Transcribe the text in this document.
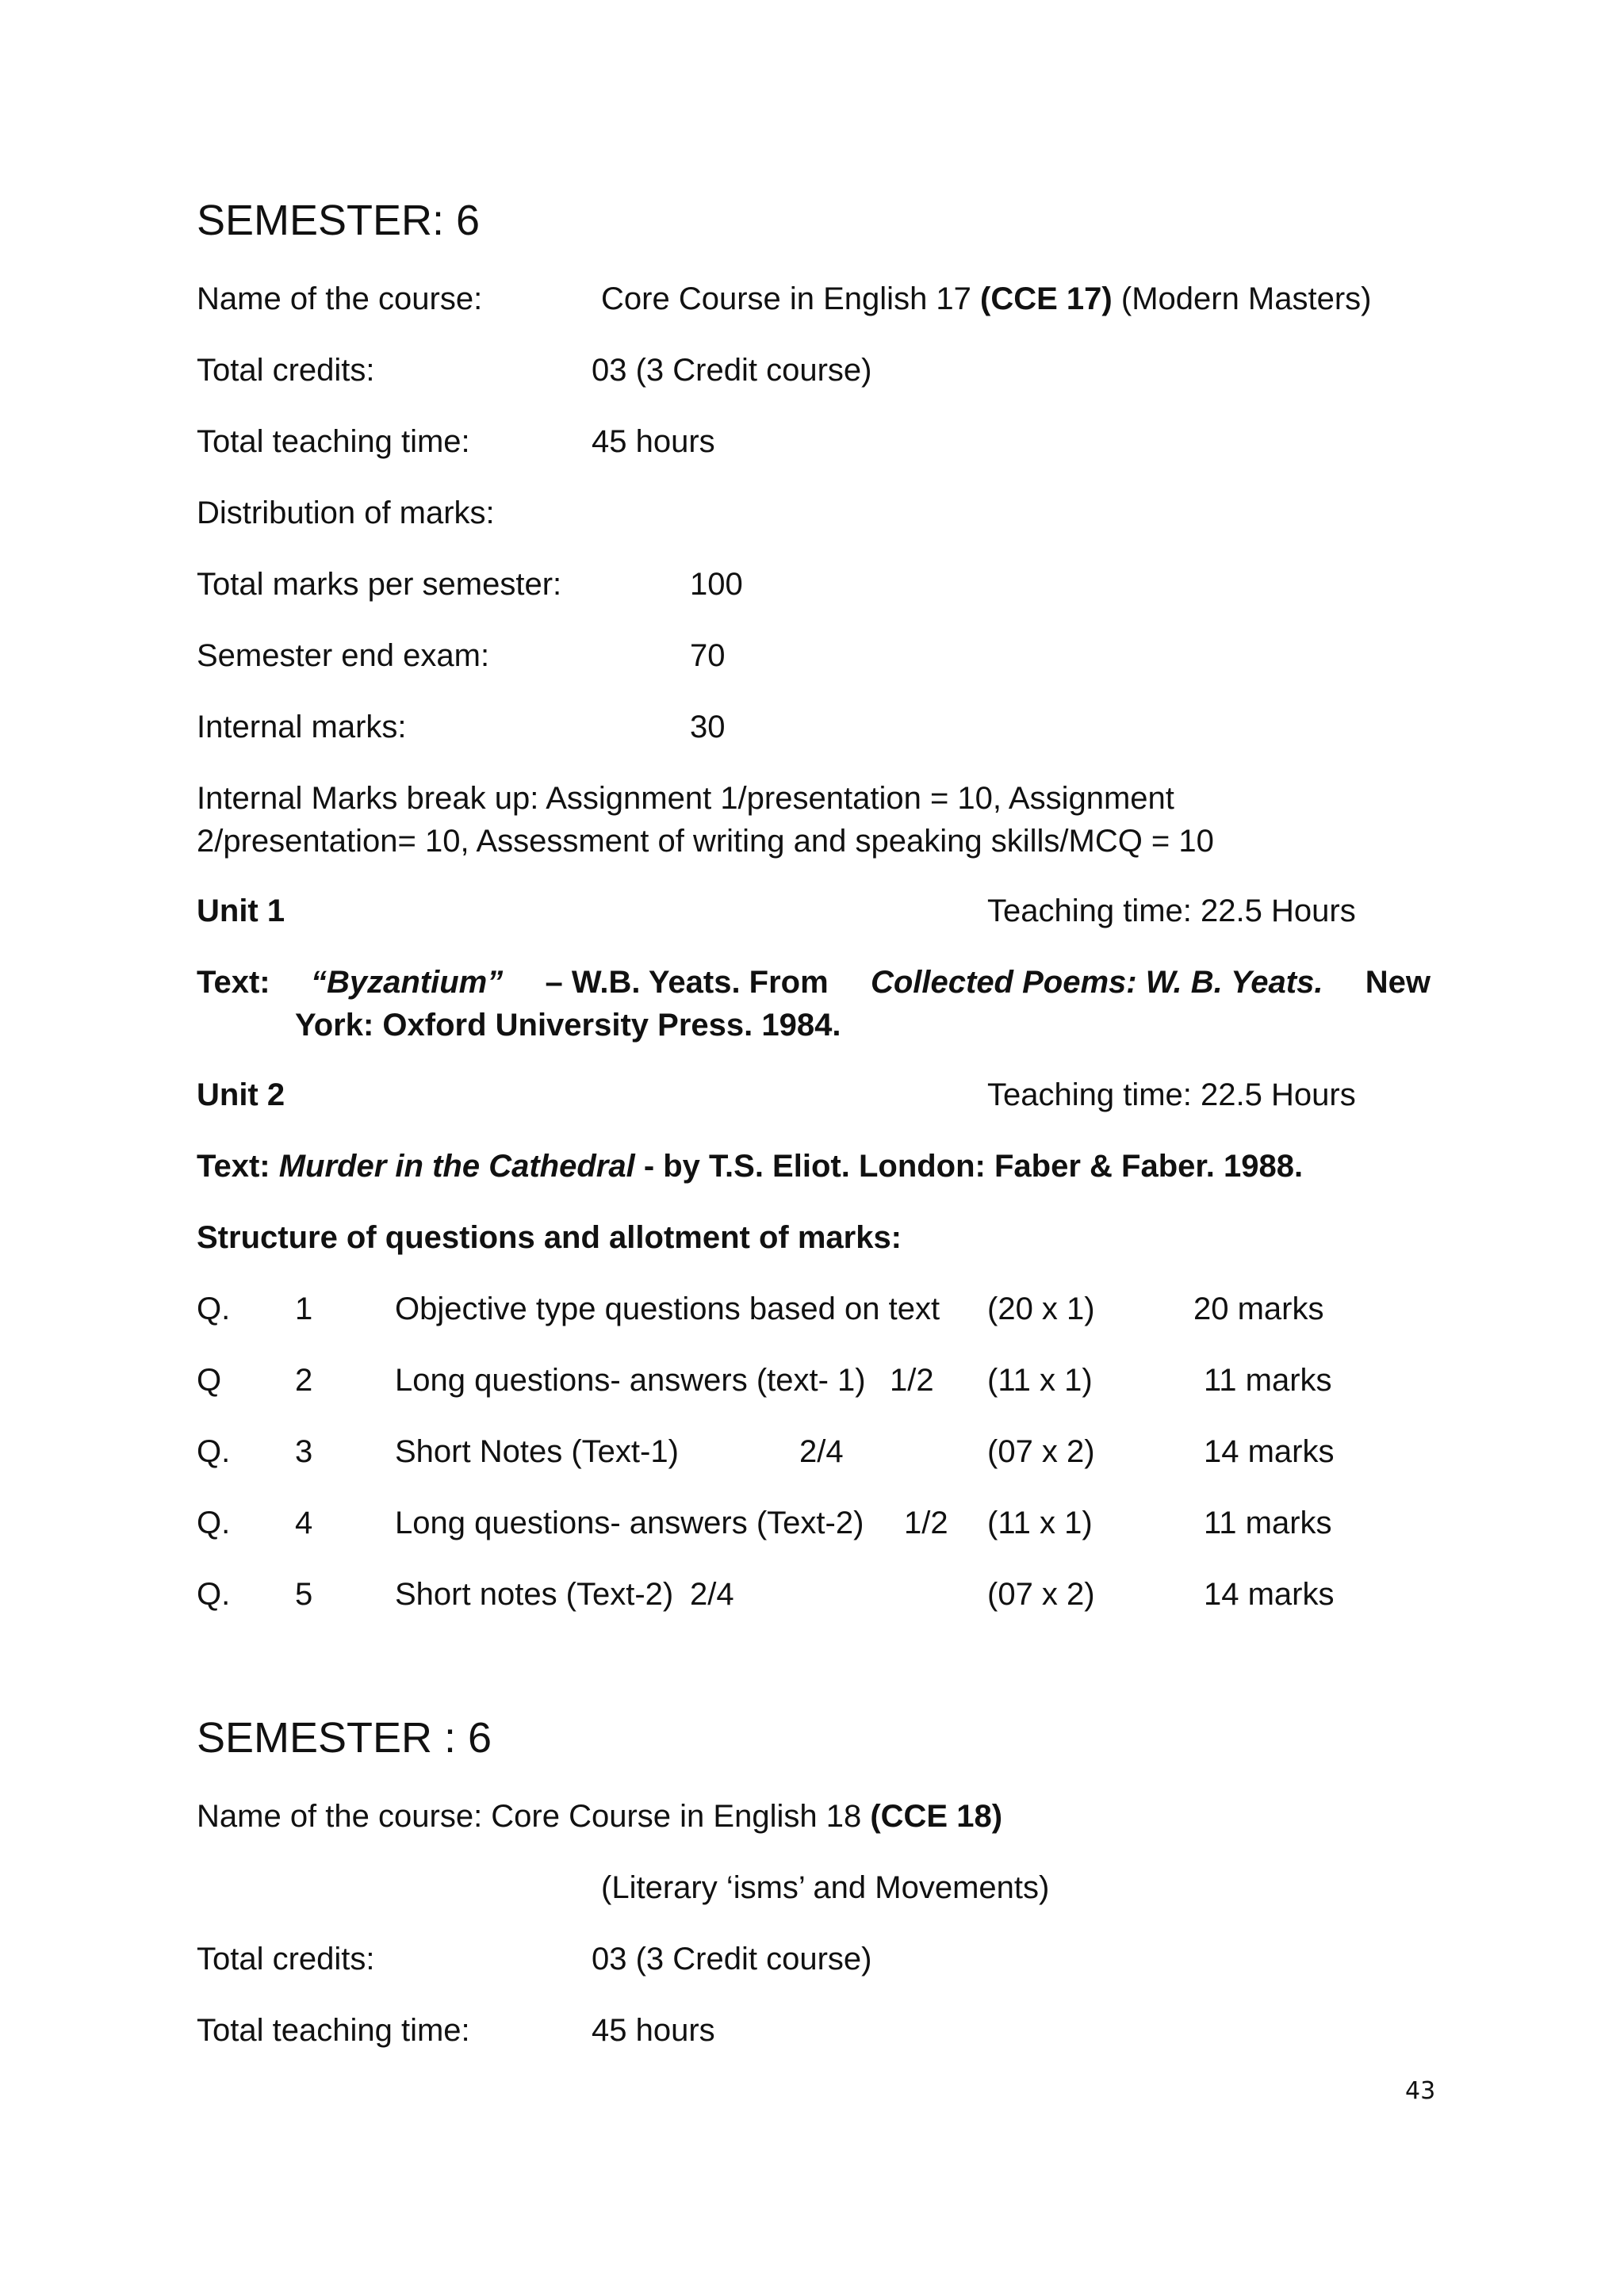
SEMESTER: 6
Name of the course:	Core Course in English 17 (CCE 17) (Modern Masters)
Total credits:	03 (3 Credit course)
Total teaching time:	45 hours
Distribution of marks:
Total marks per semester:	100
Semester end exam:	70
Internal marks:	30
Internal Marks break up: Assignment 1/presentation = 10, Assignment
2/presentation= 10, Assessment of writing and speaking skills/MCQ = 10
Unit 1	Teaching time: 22.5 Hours
Text: “Byzantium” – W.B. Yeats. From Collected Poems: W. B. Yeats. New
York: Oxford University Press. 1984.
Unit 2	Teaching time: 22.5 Hours
Text: Murder in the Cathedral - by T.S. Eliot. London: Faber & Faber. 1988.
Structure of questions and allotment of marks:
Q. 1	Objective type questions based on text (20 x 1)	20 marks
Q 2	Long questions- answers (text- 1) 1/2 (11 x 1)	11 marks
Q. 3	Short Notes (Text-1)	2/4	(07 x 2)	14 marks
Q. 4	Long questions- answers (Text-2) 1/2 (11 x 1)	11 marks
Q. 5	Short notes (Text-2) 2/4	(07 x 2)	14 marks
SEMESTER : 6
Name of the course: Core Course in English 18 (CCE 18)
(Literary ‘isms’ and Movements)
Total credits:	03 (3 Credit course)
Total teaching time:	45 hours
43
